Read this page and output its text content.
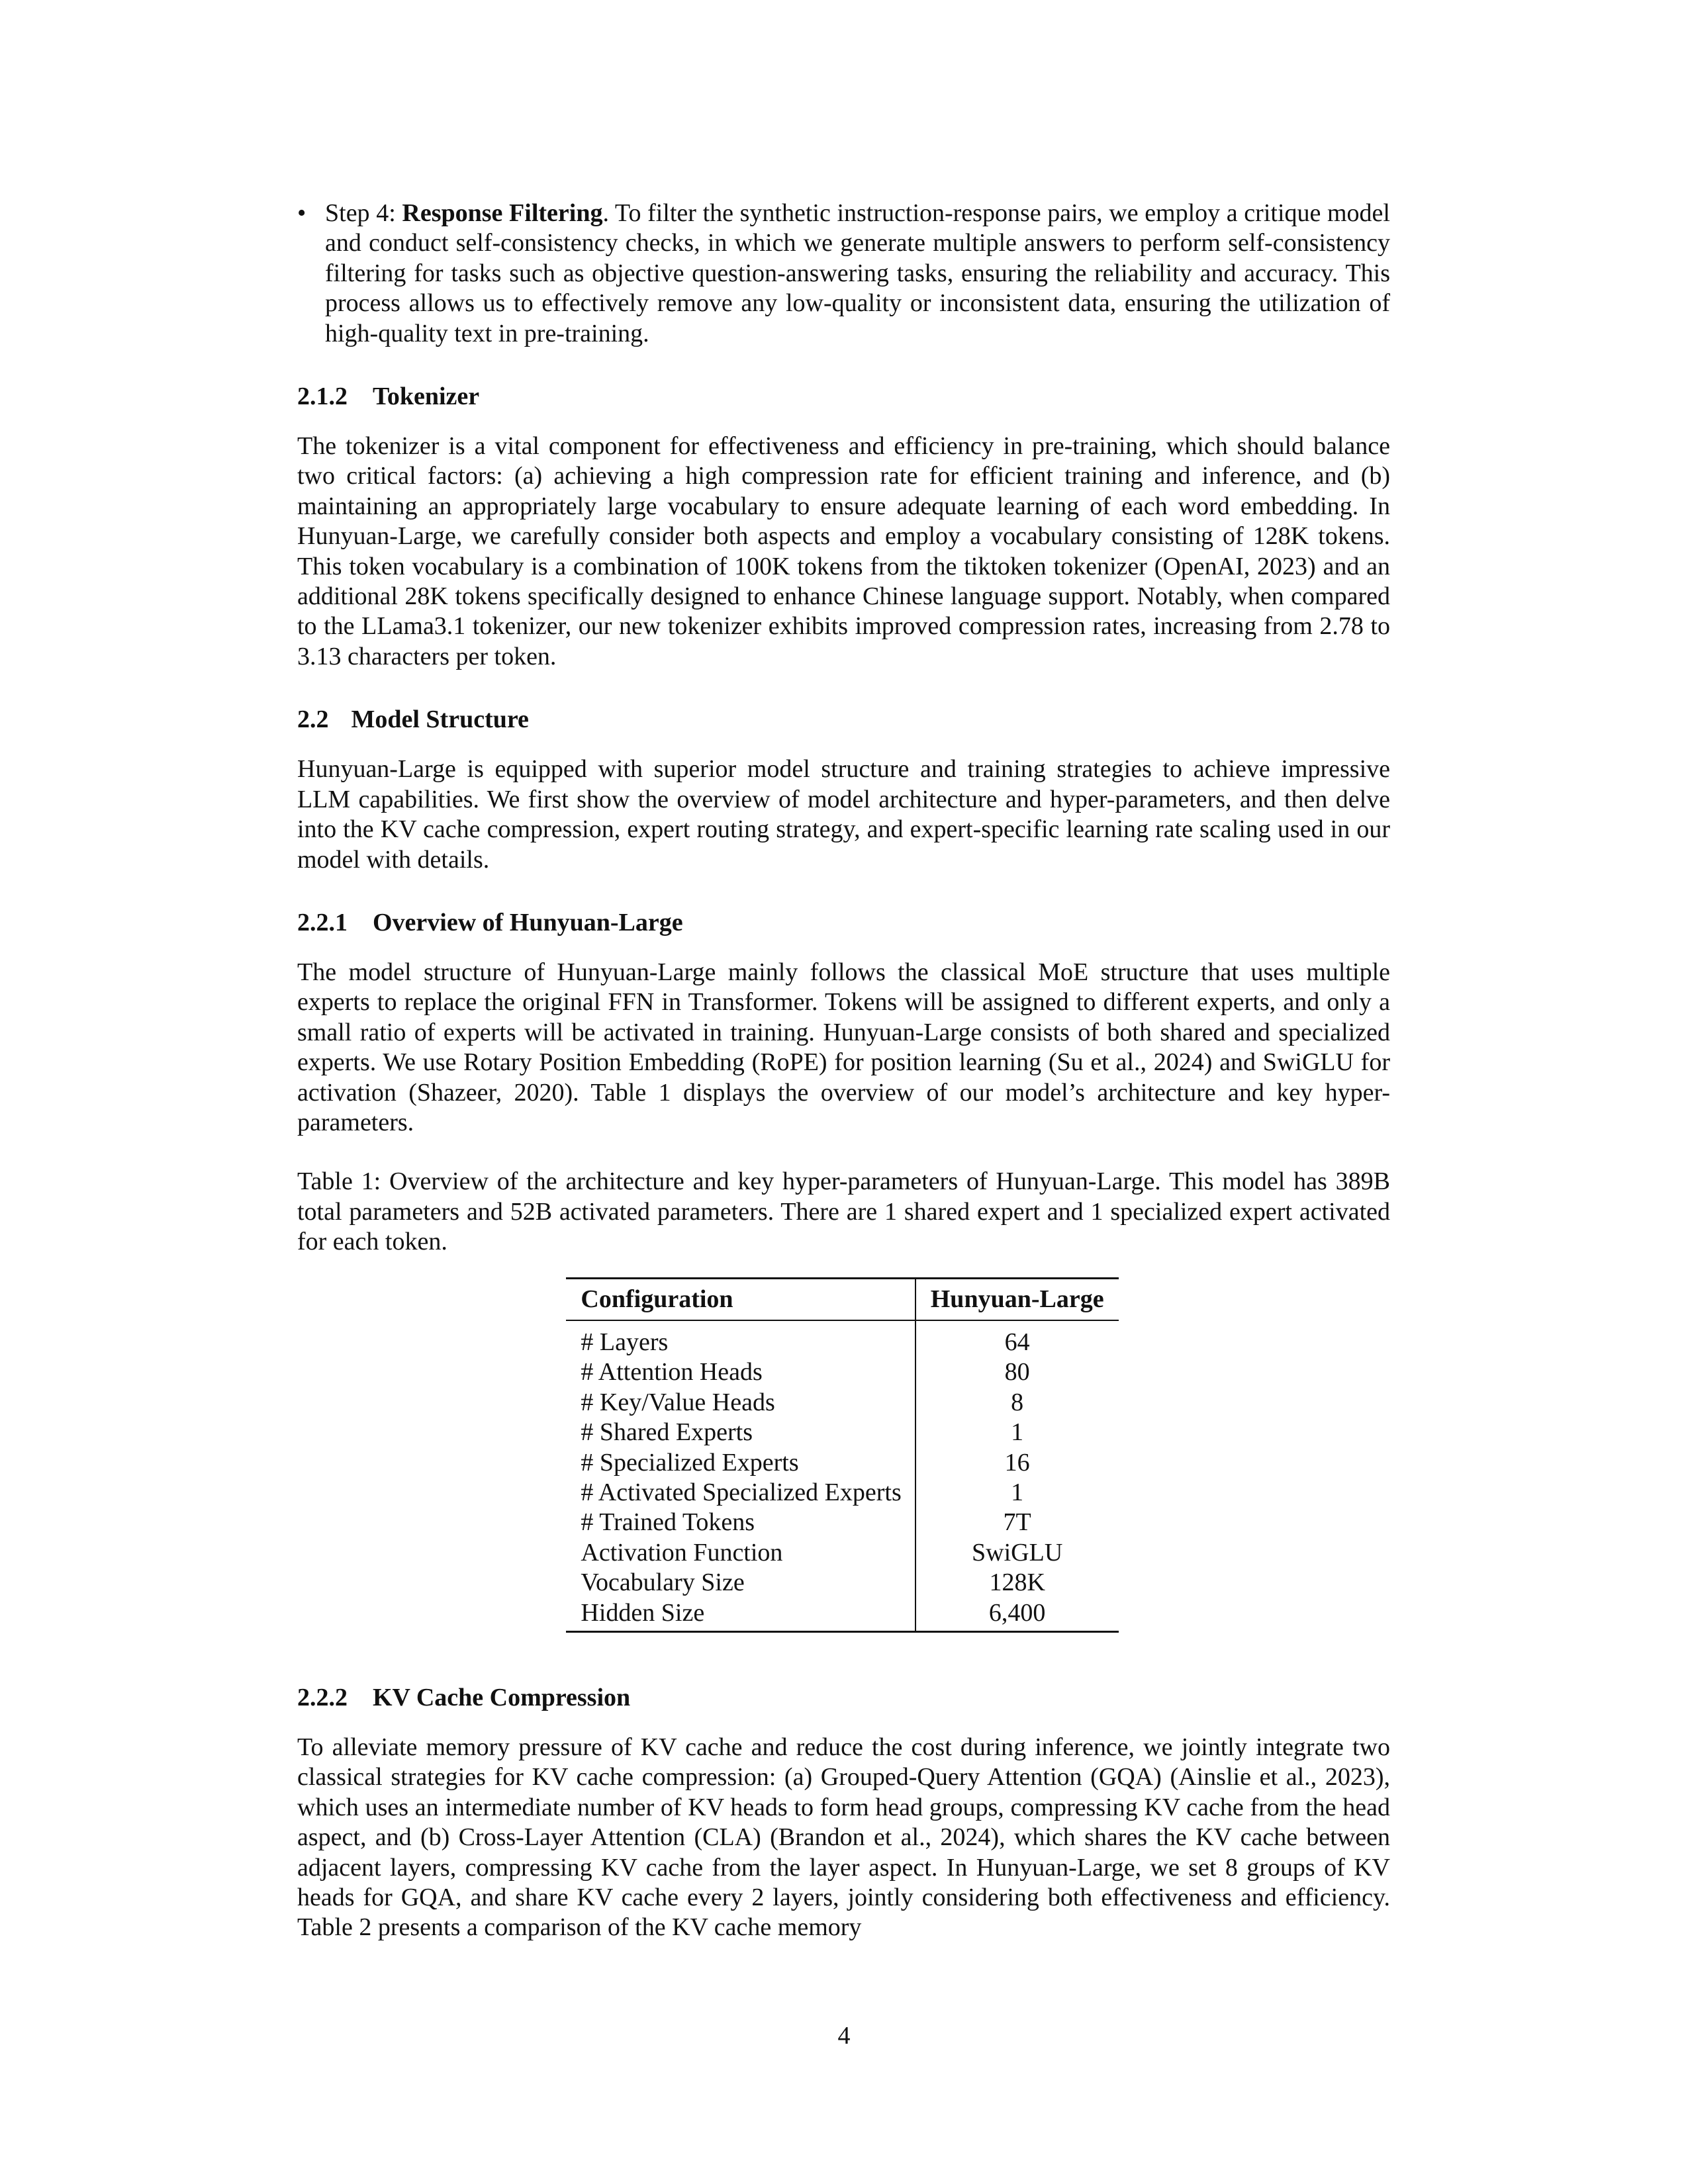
• Step 4: Response Filtering. To filter the synthetic instruction-response pairs, we employ a critique model and conduct self-consistency checks, in which we generate multiple answers to perform self-consistency filtering for tasks such as objective question-answering tasks, ensuring the reliability and accuracy. This process allows us to effectively remove any low-quality or inconsistent data, ensuring the utilization of high-quality text in pre-training.

2.1.2 Tokenizer

The tokenizer is a vital component for effectiveness and efficiency in pre-training, which should balance two critical factors: (a) achieving a high compression rate for efficient training and inference, and (b) maintaining an appropriately large vocabulary to ensure adequate learning of each word embedding. In Hunyuan-Large, we carefully consider both aspects and employ a vocabulary consisting of 128K tokens. This token vocabulary is a combination of 100K tokens from the tiktoken tokenizer (OpenAI, 2023) and an additional 28K tokens specifically designed to enhance Chinese language support. Notably, when compared to the LLama3.1 tokenizer, our new tokenizer exhibits improved compression rates, increasing from 2.78 to 3.13 characters per token.

2.2 Model Structure

Hunyuan-Large is equipped with superior model structure and training strategies to achieve impressive LLM capabilities. We first show the overview of model architecture and hyper-parameters, and then delve into the KV cache compression, expert routing strategy, and expert-specific learning rate scaling used in our model with details.

2.2.1 Overview of Hunyuan-Large

The model structure of Hunyuan-Large mainly follows the classical MoE structure that uses multiple experts to replace the original FFN in Transformer. Tokens will be assigned to different experts, and only a small ratio of experts will be activated in training. Hunyuan-Large consists of both shared and specialized experts. We use Rotary Position Embedding (RoPE) for position learning (Su et al., 2024) and SwiGLU for activation (Shazeer, 2020). Table 1 displays the overview of our model’s architecture and key hyper-parameters.

Table 1: Overview of the architecture and key hyper-parameters of Hunyuan-Large. This model has 389B total parameters and 52B activated parameters. There are 1 shared expert and 1 specialized expert activated for each token.

Configuration	Hunyuan-Large
# Layers	64
# Attention Heads	80
# Key/Value Heads	8
# Shared Experts	1
# Specialized Experts	16
# Activated Specialized Experts	1
# Trained Tokens	7T
Activation Function	SwiGLU
Vocabulary Size	128K
Hidden Size	6,400
2.2.2 KV Cache Compression

To alleviate memory pressure of KV cache and reduce the cost during inference, we jointly integrate two classical strategies for KV cache compression: (a) Grouped-Query Attention (GQA) (Ainslie et al., 2023), which uses an intermediate number of KV heads to form head groups, compressing KV cache from the head aspect, and (b) Cross-Layer Attention (CLA) (Brandon et al., 2024), which shares the KV cache between adjacent layers, compressing KV cache from the layer aspect. In Hunyuan-Large, we set 8 groups of KV heads for GQA, and share KV cache every 2 layers, jointly considering both effectiveness and efficiency. Table 2 presents a comparison of the KV cache memory

4
